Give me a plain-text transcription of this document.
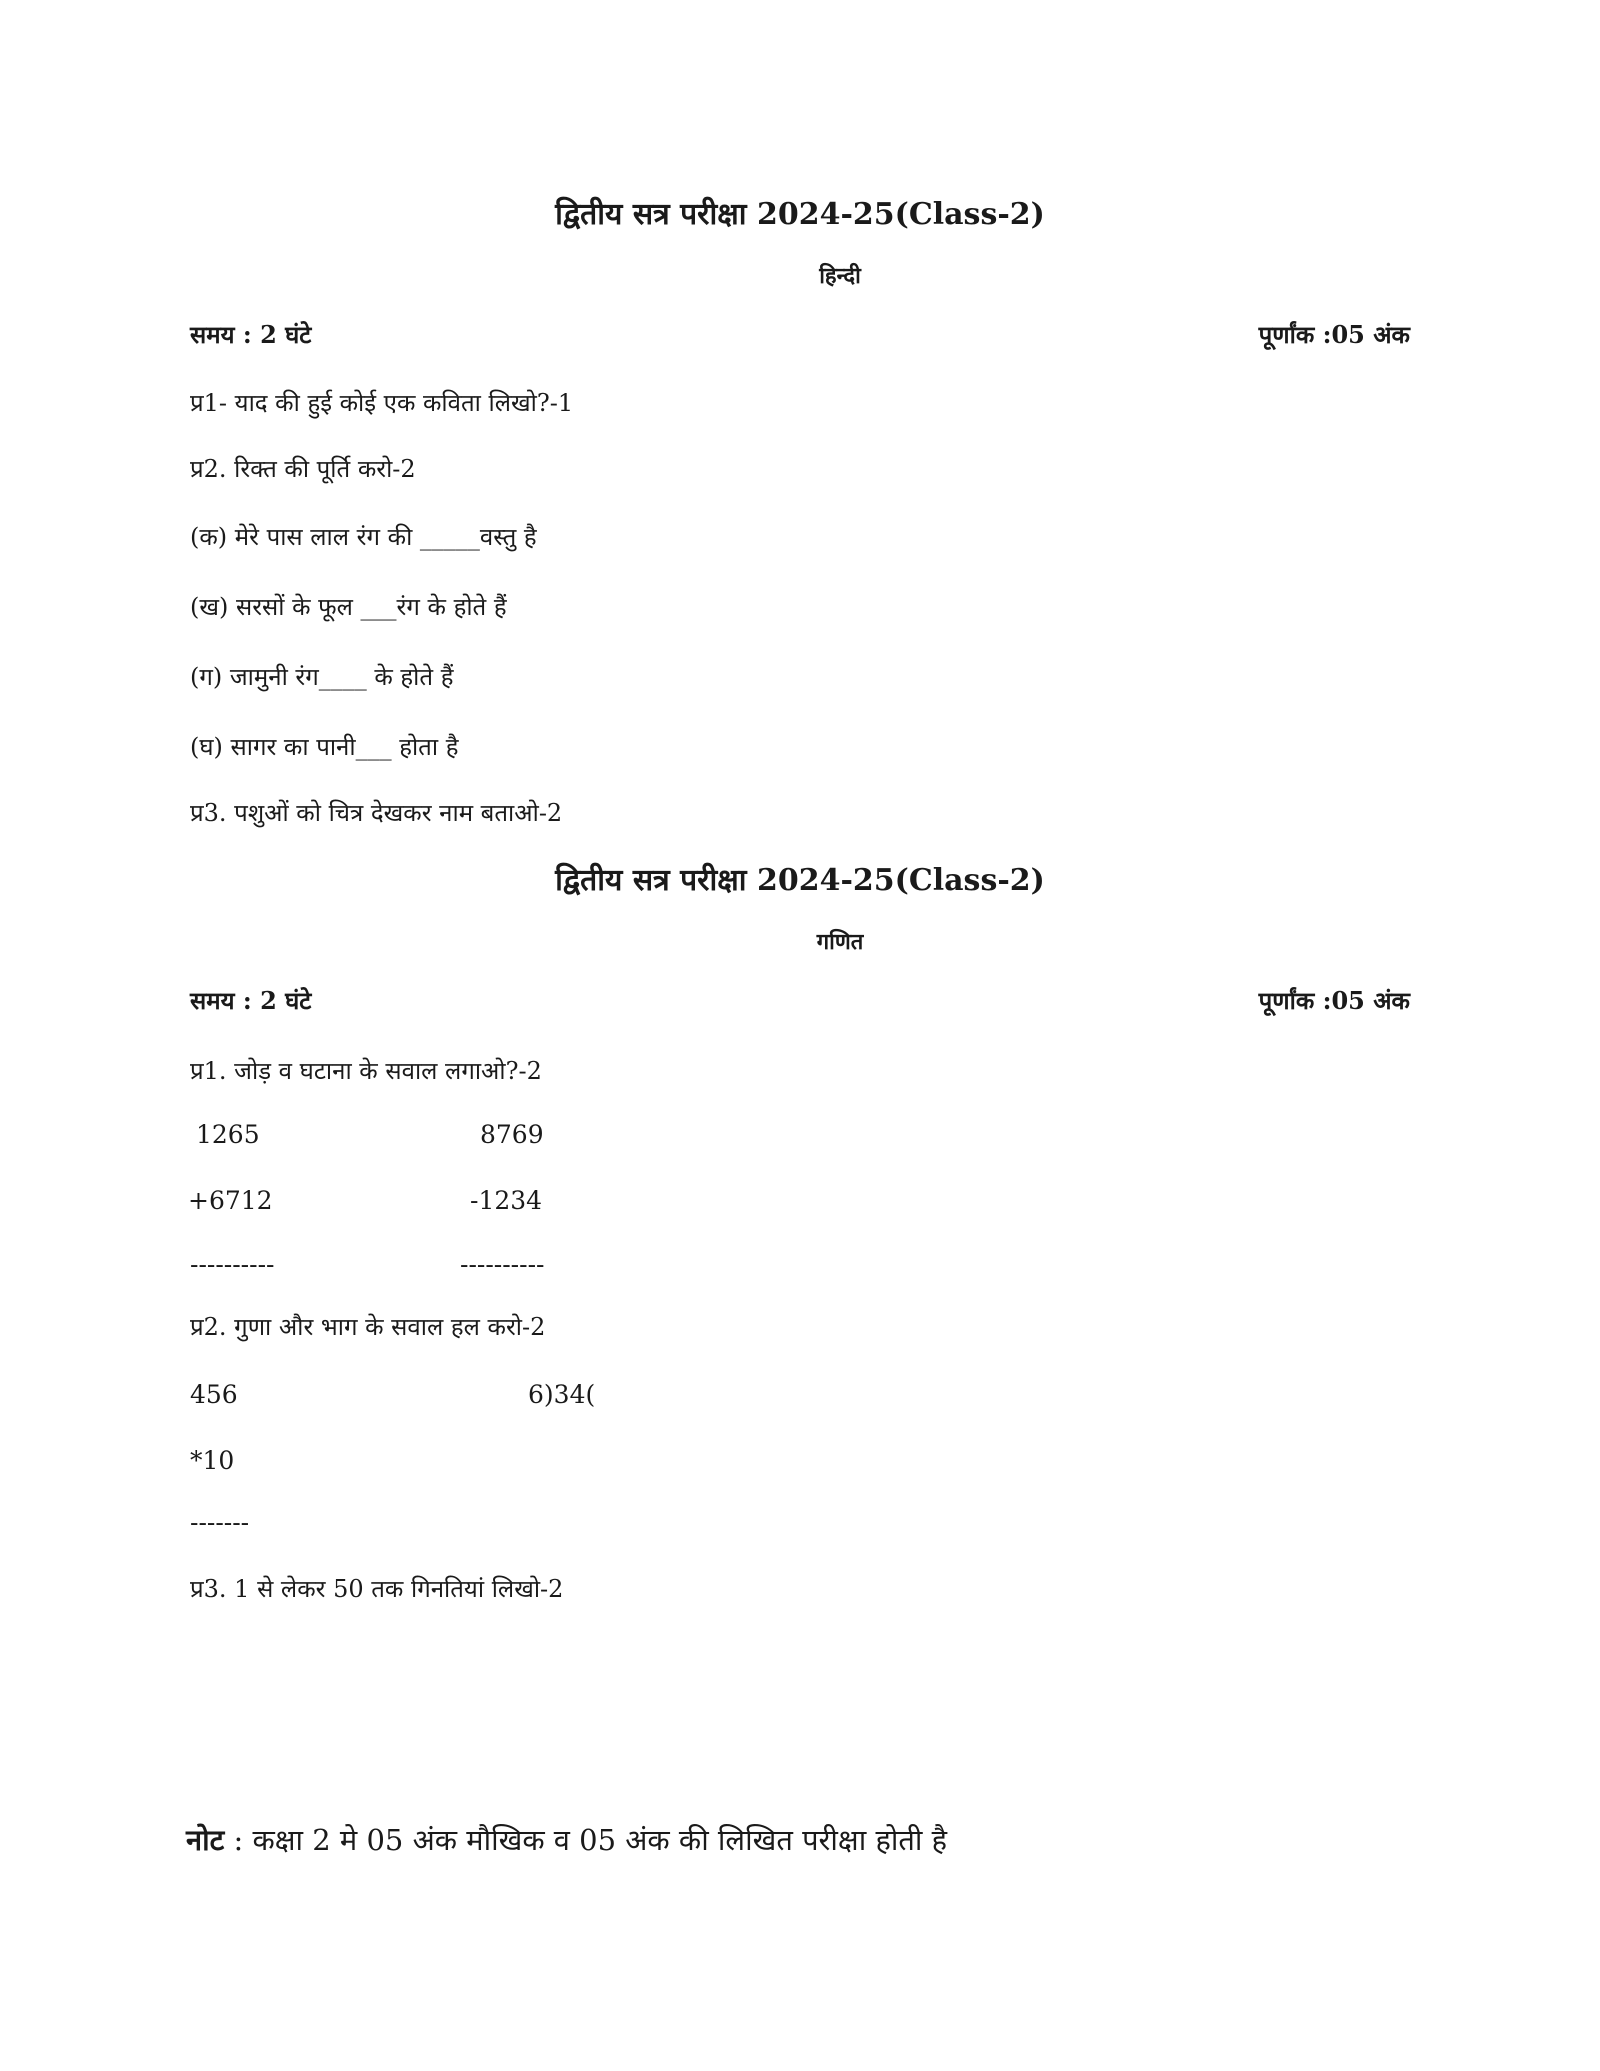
द्वितीय सत्र परीक्षा 2024-25(Class-2)
हिन्दी
समय : 2 घंटे	पूर्णांक :05 अंक
प्र1- याद की हुई कोई एक कविता लिखो?-1
प्र2. रिक्त की पूर्ति करो-2
(क) मेरे पास लाल रंग की _____वस्तु है
(ख) सरसों के फूल ___रंग के होते हैं
(ग) जामुनी रंग____ के होते हैं
(घ) सागर का पानी___ होता है
प्र3. पशुओं को चित्र देखकर नाम बताओ-2
द्वितीय सत्र परीक्षा 2024-25(Class-2)
गणित
समय : 2 घंटे	पूर्णांक :05 अंक
प्र1. जोड़ व घटाना के सवाल लगाओ?-2
1265	8769
+6712	-1234
----------	----------
प्र2. गुणा और भाग के सवाल हल करो-2
456	6)34(
*10
-------
प्र3. 1 से लेकर 50 तक गिनतियां लिखो-2
नोट : कक्षा 2 मे 05 अंक मौखिक व 05 अंक की लिखित परीक्षा होती है
